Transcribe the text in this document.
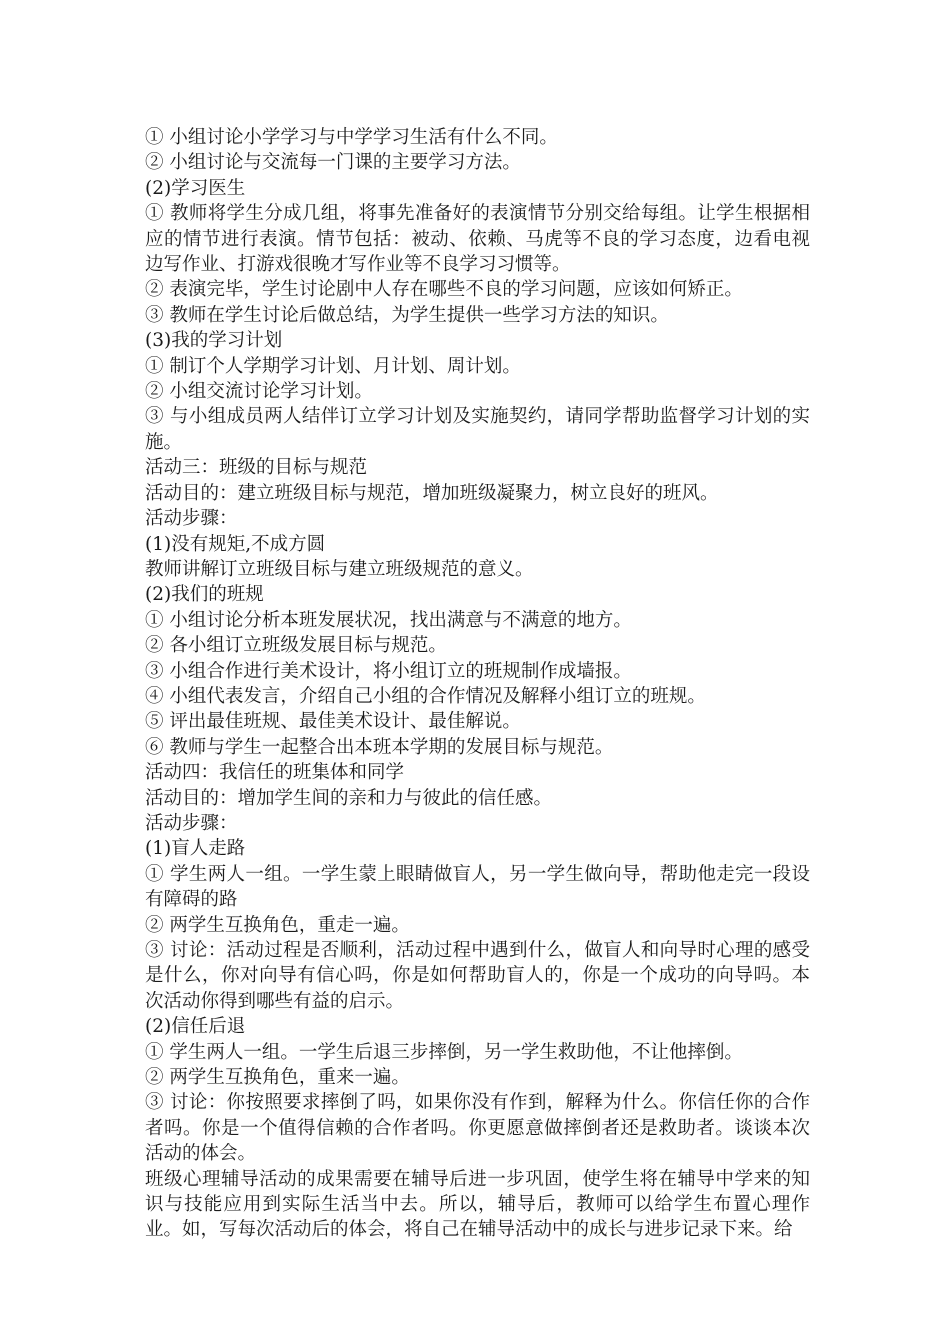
① 小组讨论小学学习与中学学习生活有什么不同。

② 小组讨论与交流每一门课的主要学习方法。

(2)学习医生

① 教师将学生分成几组，将事先准备好的表演情节分别交给每组。让学生根据相应的情节进行表演。情节包括：被动、依赖、马虎等不良的学习态度，边看电视边写作业、打游戏很晚才写作业等不良学习习惯等。

② 表演完毕，学生讨论剧中人存在哪些不良的学习问题，应该如何矫正。

③ 教师在学生讨论后做总结，为学生提供一些学习方法的知识。

(3)我的学习计划

① 制订个人学期学习计划、月计划、周计划。

② 小组交流讨论学习计划。

③ 与小组成员两人结伴订立学习计划及实施契约，请同学帮助监督学习计划的实施。

活动三：班级的目标与规范

活动目的：建立班级目标与规范，增加班级凝聚力，树立良好的班风。

活动步骤：

(1)没有规矩,不成方圆

教师讲解订立班级目标与建立班级规范的意义。

(2)我们的班规

① 小组讨论分析本班发展状况，找出满意与不满意的地方。

② 各小组订立班级发展目标与规范。

③ 小组合作进行美术设计，将小组订立的班规制作成墙报。

④ 小组代表发言，介绍自己小组的合作情况及解释小组订立的班规。

⑤ 评出最佳班规、最佳美术设计、最佳解说。

⑥ 教师与学生一起整合出本班本学期的发展目标与规范。

活动四：我信任的班集体和同学

活动目的：增加学生间的亲和力与彼此的信任感。

活动步骤：

(1)盲人走路

① 学生两人一组。一学生蒙上眼睛做盲人，另一学生做向导，帮助他走完一段设有障碍的路

② 两学生互换角色，重走一遍。

③ 讨论：活动过程是否顺利，活动过程中遇到什么，做盲人和向导时心理的感受是什么，你对向导有信心吗，你是如何帮助盲人的，你是一个成功的向导吗。本次活动你得到哪些有益的启示。

(2)信任后退

① 学生两人一组。一学生后退三步摔倒，另一学生救助他，不让他摔倒。

② 两学生互换角色，重来一遍。

③ 讨论：你按照要求摔倒了吗，如果你没有作到，解释为什么。你信任你的合作者吗。你是一个值得信赖的合作者吗。你更愿意做摔倒者还是救助者。谈谈本次活动的体会。

班级心理辅导活动的成果需要在辅导后进一步巩固，使学生将在辅导中学来的知识与技能应用到实际生活当中去。所以，辅导后，教师可以给学生布置心理作业。如，写每次活动后的体会，将自己在辅导活动中的成长与进步记录下来。给
